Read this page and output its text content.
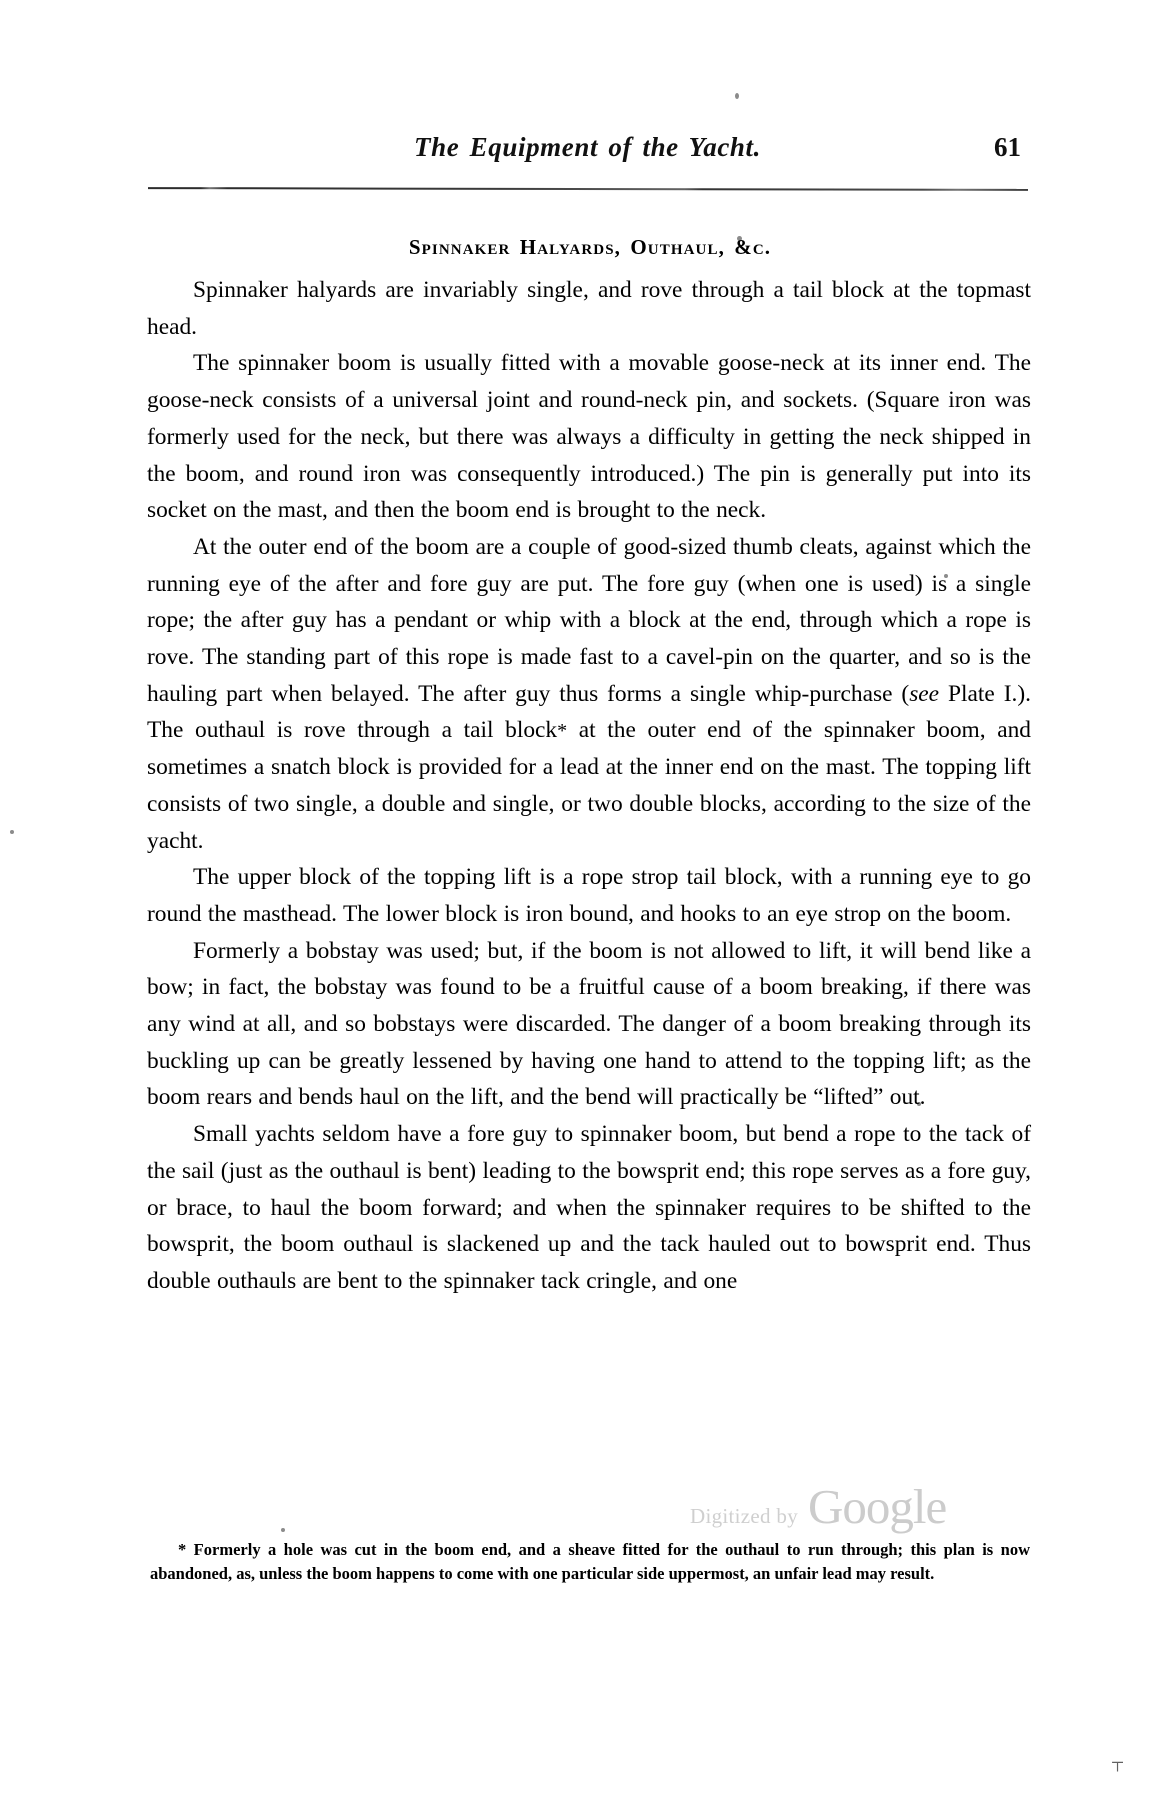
The Equipment of the Yacht.	61
Spinnaker Halyards, Outhaul, &c.

Spinnaker halyards are invariably single, and rove through a tail block at the topmast head.

The spinnaker boom is usually fitted with a movable goose-neck at its inner end. The goose-neck consists of a universal joint and round-neck pin, and sockets. (Square iron was formerly used for the neck, but there was always a difficulty in getting the neck shipped in the boom, and round iron was consequently introduced.) The pin is generally put into its socket on the mast, and then the boom end is brought to the neck.

At the outer end of the boom are a couple of good-sized thumb cleats, against which the running eye of the after and fore guy are put. The fore guy (when one is used) is a single rope; the after guy has a pendant or whip with a block at the end, through which a rope is rove. The standing part of this rope is made fast to a cavel-pin on the quarter, and so is the hauling part when belayed. The after guy thus forms a single whip-purchase (see Plate I.). The outhaul is rove through a tail block* at the outer end of the spinnaker boom, and sometimes a snatch block is provided for a lead at the inner end on the mast. The topping lift consists of two single, a double and single, or two double blocks, according to the size of the yacht.

The upper block of the topping lift is a rope strop tail block, with a running eye to go round the masthead. The lower block is iron bound, and hooks to an eye strop on the boom.

Formerly a bobstay was used; but, if the boom is not allowed to lift, it will bend like a bow; in fact, the bobstay was found to be a fruitful cause of a boom breaking, if there was any wind at all, and so bobstays were discarded. The danger of a boom breaking through its buckling up can be greatly lessened by having one hand to attend to the topping lift; as the boom rears and bends haul on the lift, and the bend will practically be “lifted” out.

Small yachts seldom have a fore guy to spinnaker boom, but bend a rope to the tack of the sail (just as the outhaul is bent) leading to the bowsprit end; this rope serves as a fore guy, or brace, to haul the boom forward; and when the spinnaker requires to be shifted to the bowsprit, the boom outhaul is slackened up and the tack hauled out to bowsprit end. Thus double outhauls are bent to the spinnaker tack cringle, and one

* Formerly a hole was cut in the boom end, and a sheave fitted for the outhaul to run through; this plan is now abandoned, as, unless the boom happens to come with one particular side uppermost, an unfair lead may result.
Digitized by Google
⊣
